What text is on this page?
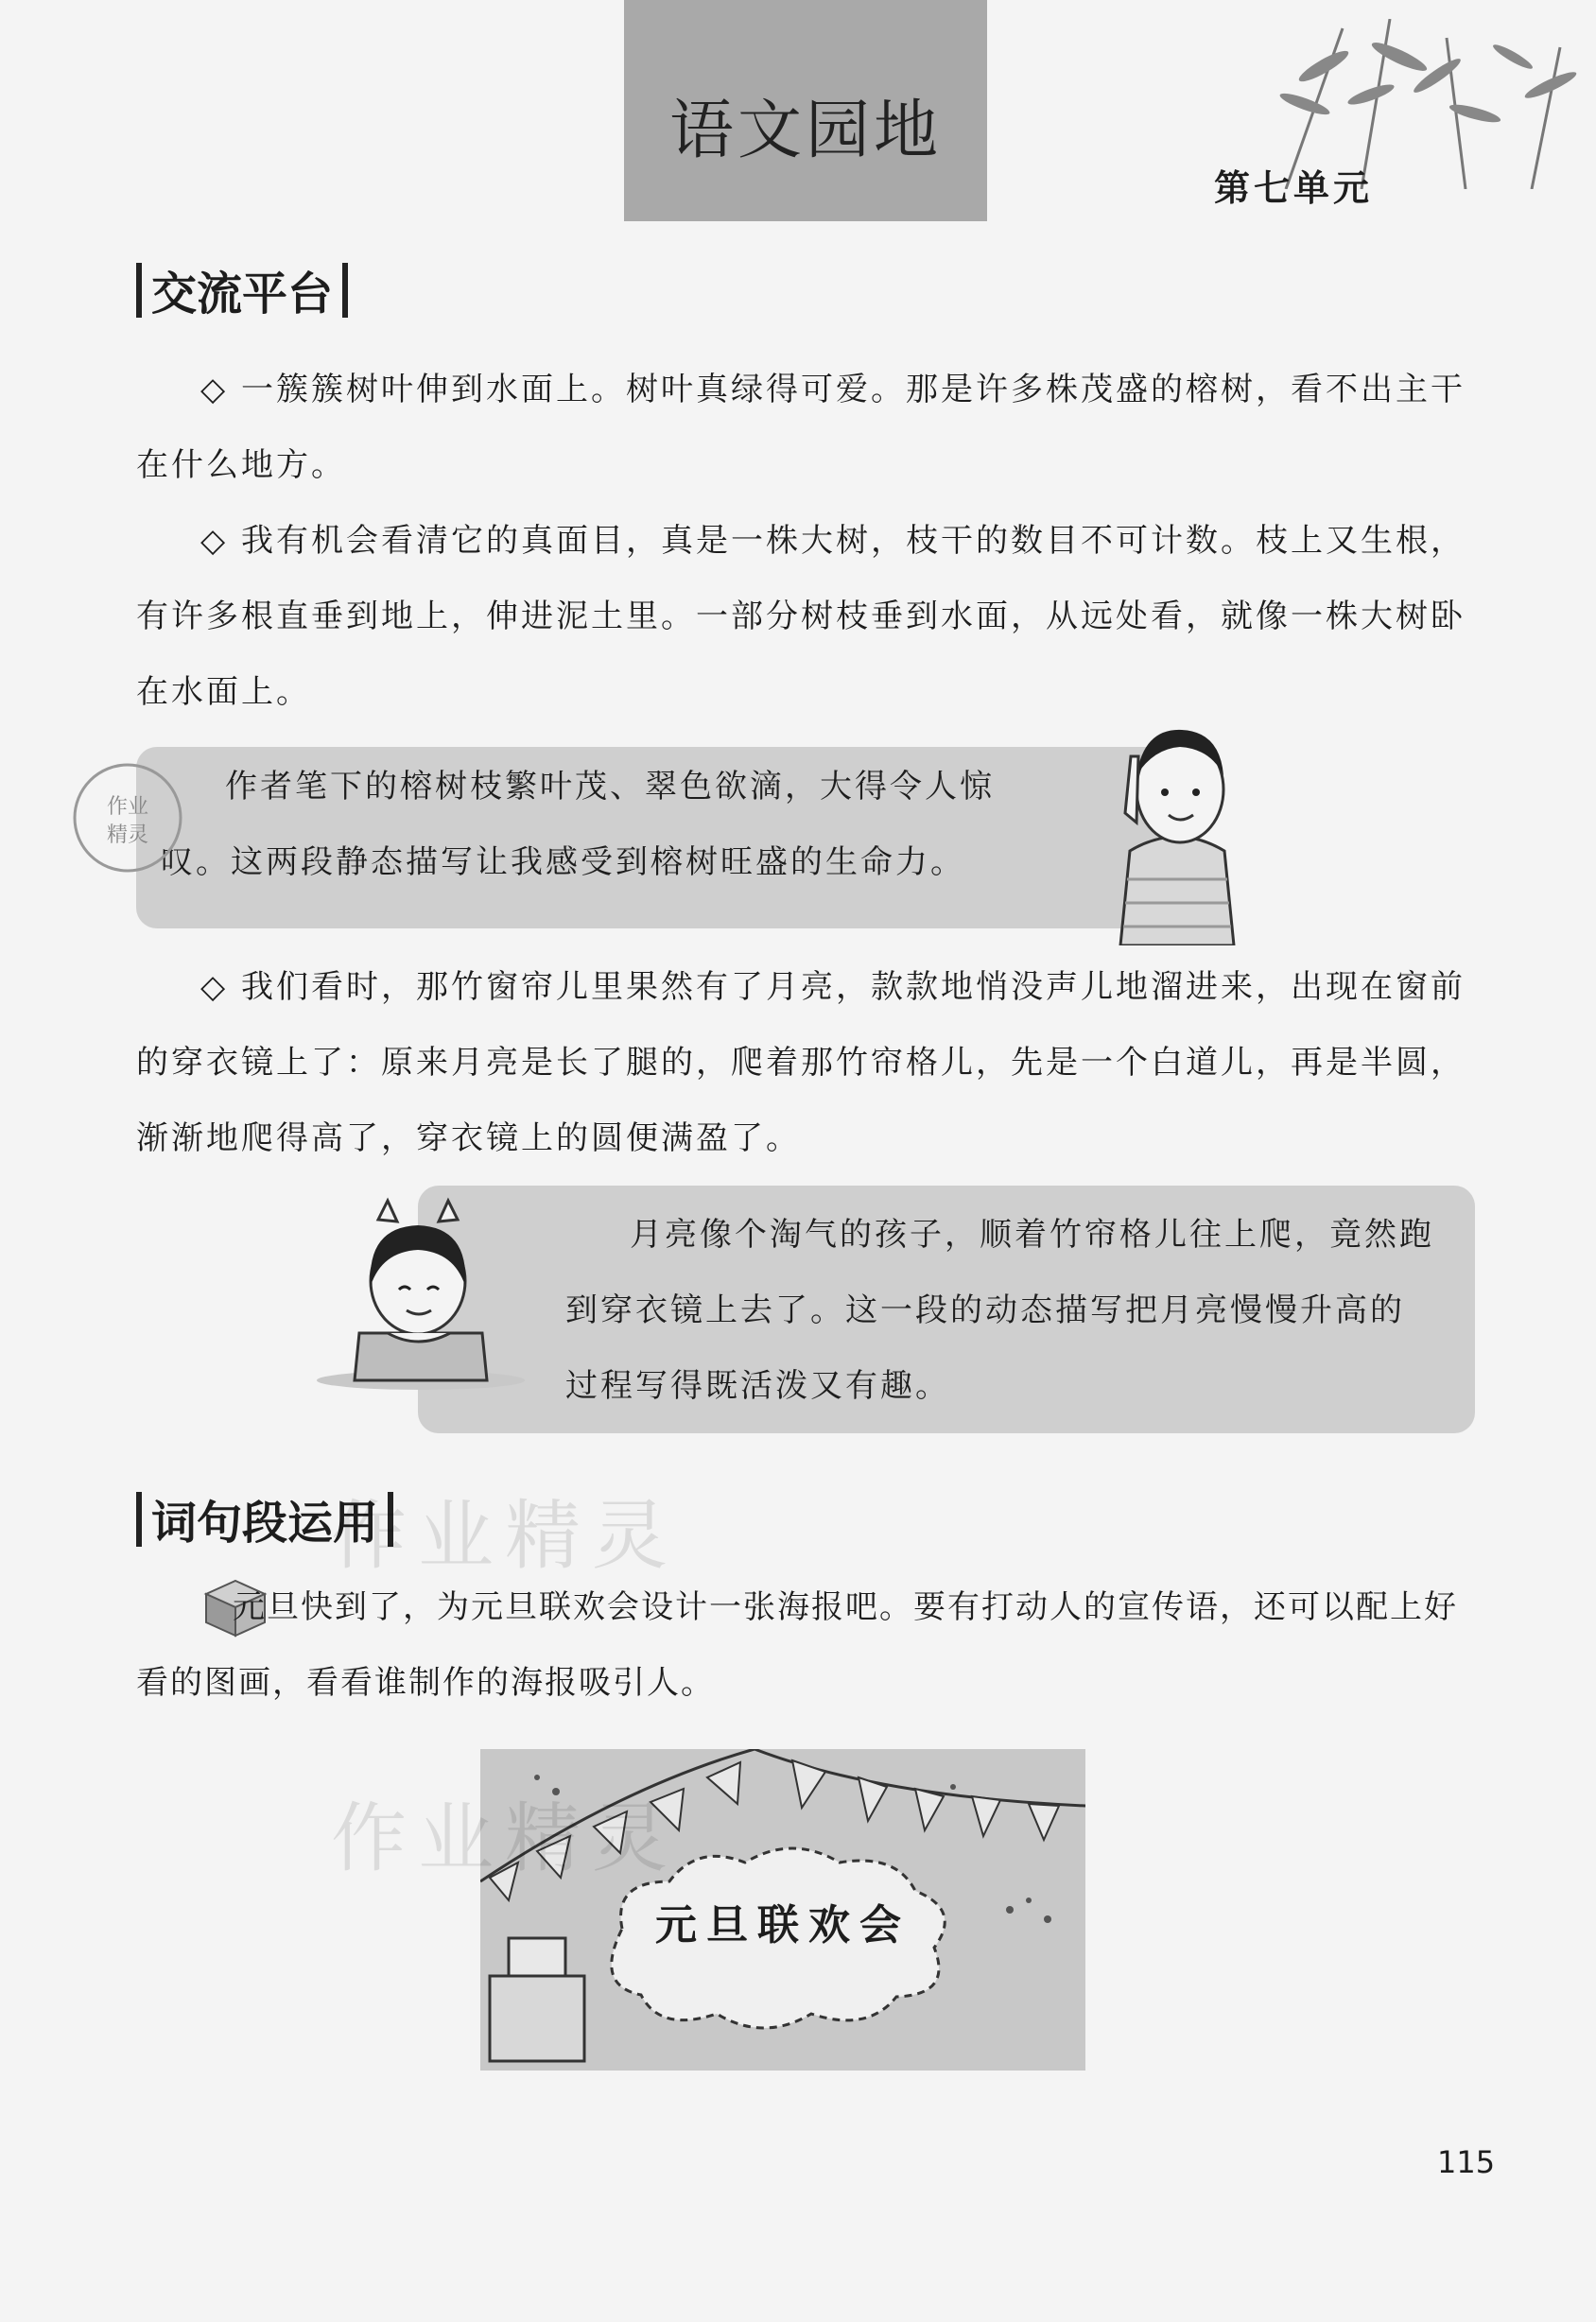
语文园地
第七单元
交流平台

◇ 一簇簇树叶伸到水面上。树叶真绿得可爱。那是许多株茂盛的榕树，看不出主干在什么地方。

◇ 我有机会看清它的真面目，真是一株大树，枝干的数目不可计数。枝上又生根，有许多根直垂到地上，伸进泥土里。一部分树枝垂到水面，从远处看，就像一株大树卧在水面上。

作者笔下的榕树枝繁叶茂、翠色欲滴，大得令人惊叹。这两段静态描写让我感受到榕树旺盛的生命力。
作业
精灵

◇ 我们看时，那竹窗帘儿里果然有了月亮，款款地悄没声儿地溜进来，出现在窗前的穿衣镜上了：原来月亮是长了腿的，爬着那竹帘格儿，先是一个白道儿，再是半圆，渐渐地爬得高了，穿衣镜上的圆便满盈了。

月亮像个淘气的孩子，顺着竹帘格儿往上爬，竟然跑到穿衣镜上去了。这一段的动态描写把月亮慢慢升高的过程写得既活泼又有趣。
词句段运用
作业精灵

元旦快到了，为元旦联欢会设计一张海报吧。要有打动人的宣传语，还可以配上好看的图画，看看谁制作的海报吸引人。

元旦联欢会
作业精灵
115
